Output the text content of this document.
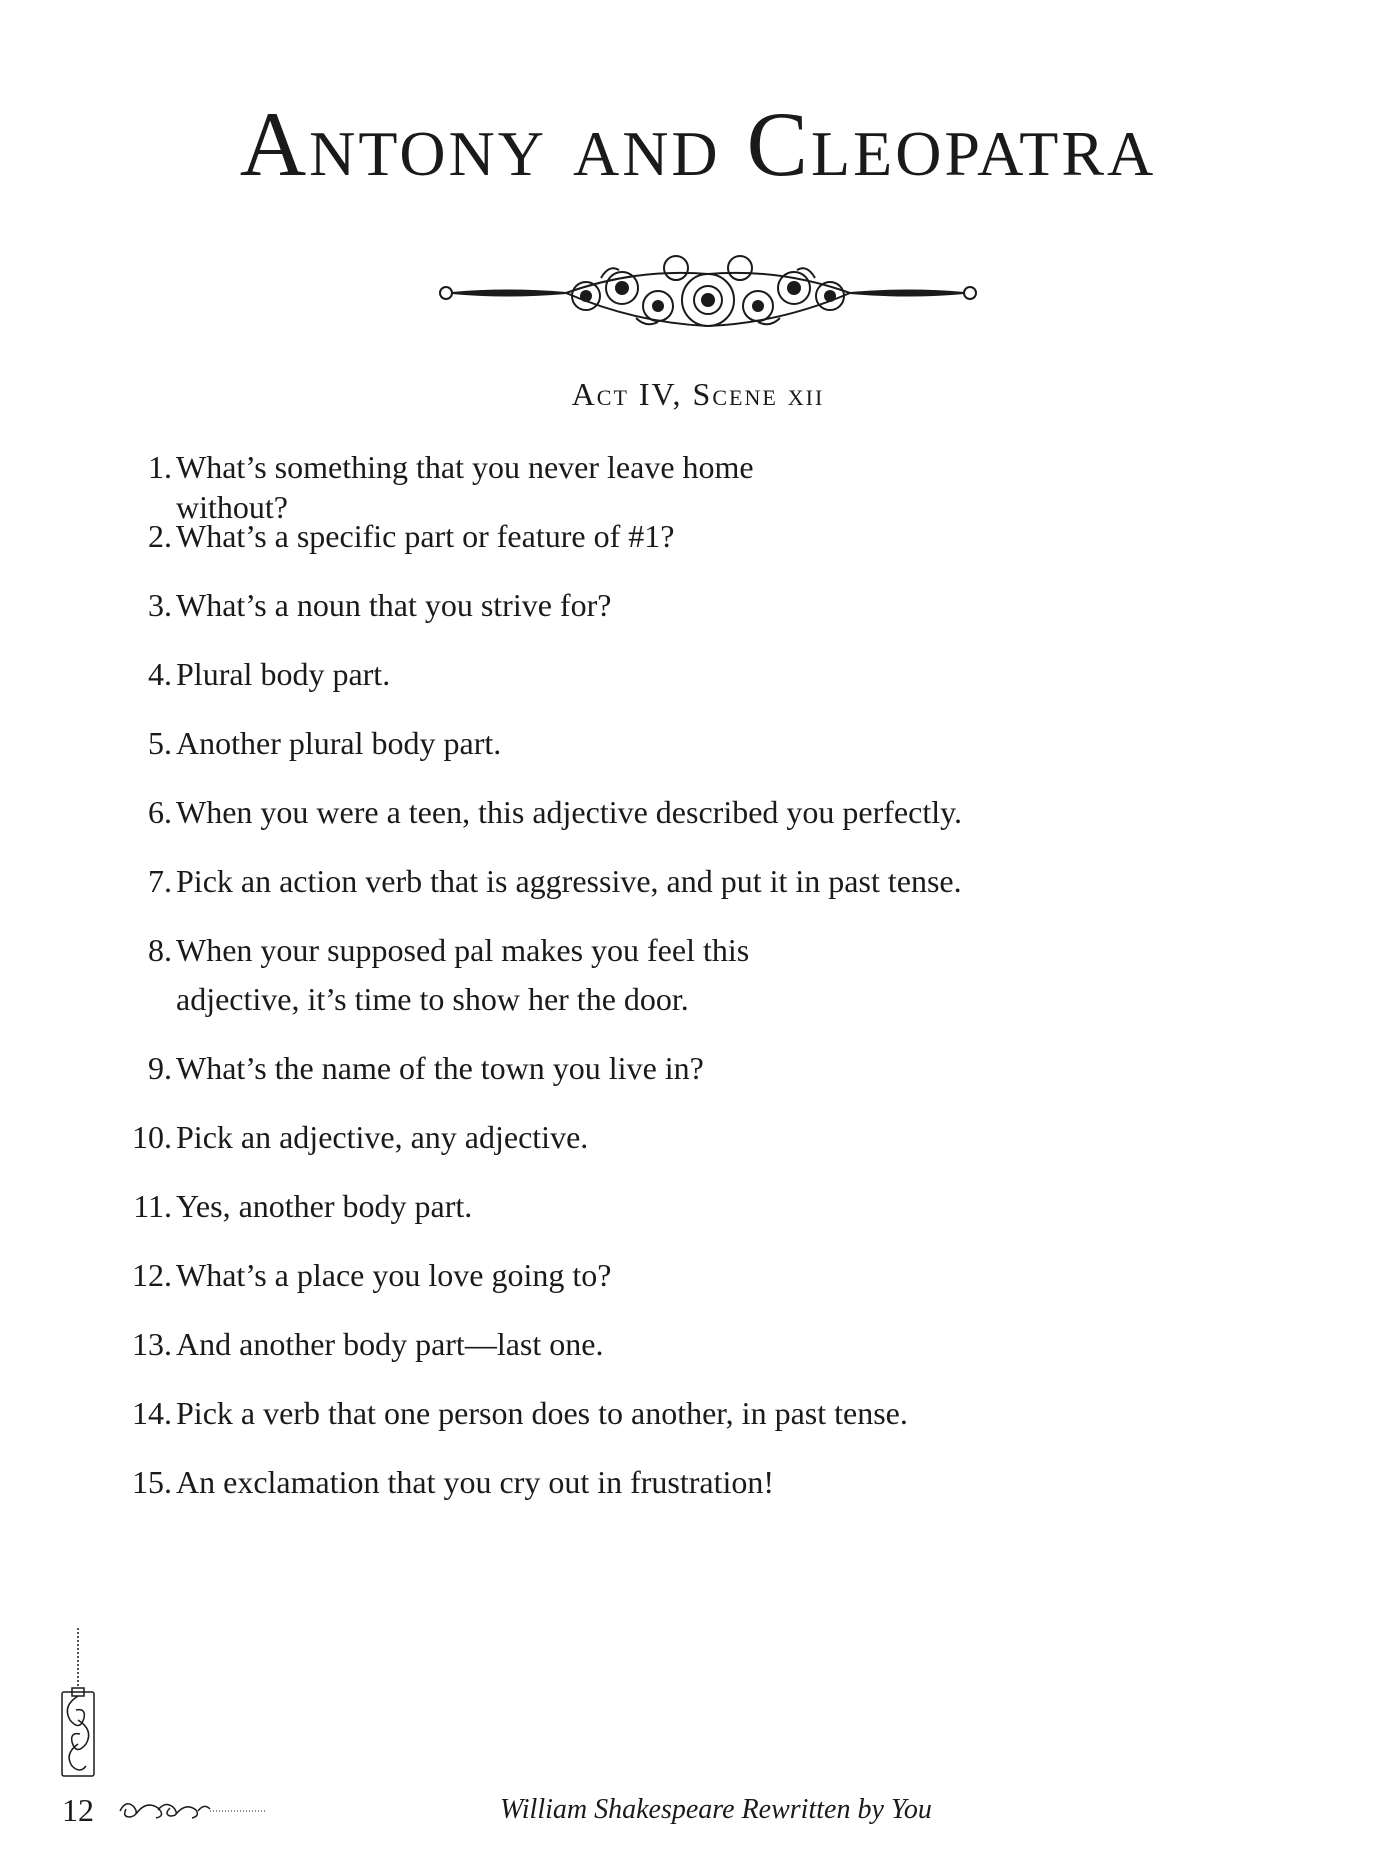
Antony and Cleopatra
Act IV, Scene xii
1. What’s something that you never leave home without?
2. What’s a specific part or feature of #1?
3. What’s a noun that you strive for?
4. Plural body part.
5. Another plural body part.
6. When you were a teen, this adjective described you perfectly.
7. Pick an action verb that is aggressive, and put it in past tense.
8. When your supposed pal makes you feel this adjective, it’s time to show her the door.
9. What’s the name of the town you live in?
10. Pick an adjective, any adjective.
11. Yes, another body part.
12. What’s a place you love going to?
13. And another body part—last one.
14. Pick a verb that one person does to another, in past tense.
15. An exclamation that you cry out in frustration!
12	William Shakespeare Rewritten by You
